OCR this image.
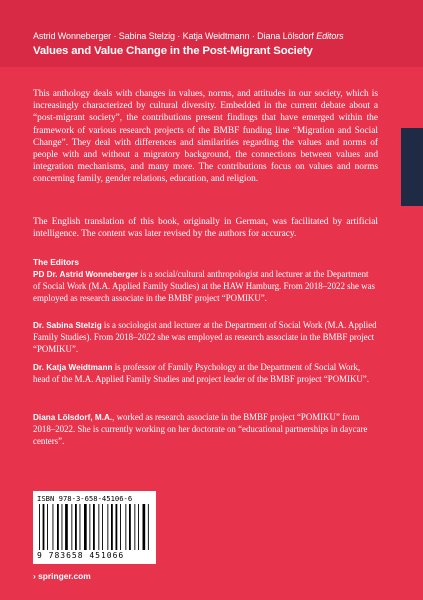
Astrid Wonneberger · Sabina Stelzig · Katja Weidtmann · Diana Lölsdorf Editors
Values and Value Change in the Post-Migrant Society

This anthology deals with changes in values, norms, and attitudes in our society, which is increasingly characterized by cultural diversity. Embedded in the current debate about a “post-migrant society”, the contributions present findings that have emerged within the framework of various research projects of the BMBF funding line “Migration and Social Change”. They deal with differences and similarities regarding the values and norms of people with and without a migratory background, the connections between values and integration mechanisms, and many more. The contributions focus on values and norms concerning family, gender relations, education, and religion.

The English translation of this book, originally in German, was facilitated by artificial intelligence. The content was later revised by the authors for accuracy.

The Editors

PD Dr. Astrid Wonneberger is a social/cultural anthropologist and lecturer at the Department of Social Work (M.A. Applied Family Studies) at the HAW Hamburg. From 2018–2022 she was employed as research associate in the BMBF project “POMIKU”.

Dr. Sabina Stelzig is a sociologist and lecturer at the Department of Social Work (M.A. Applied Family Studies). From 2018–2022 she was employed as research associate in the BMBF project “POMIKU”.

Dr. Katja Weidtmann is professor of Family Psychology at the Department of Social Work, head of the M.A. Applied Family Studies and project leader of the BMBF project “POMIKU”.

Diana Lölsdorf, M.A., worked as research associate in the BMBF project “POMIKU” from 2018–2022. She is currently working on her doctorate on “educational partnerships in daycare centers”.

ISBN 978-3-658-45106-6
9 783658 451066
› springer.com
